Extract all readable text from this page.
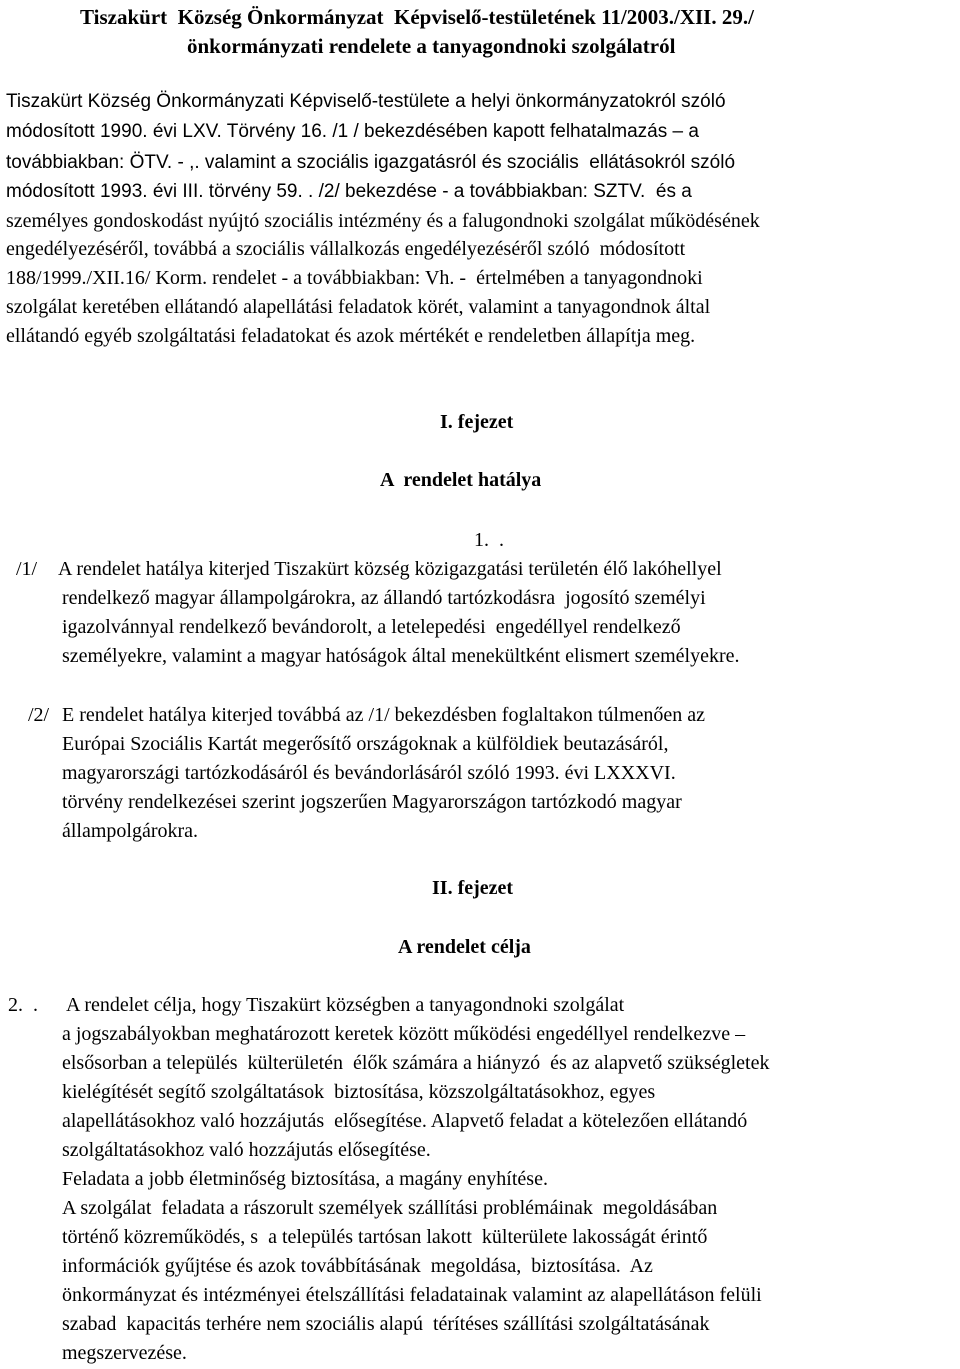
Tiszakürt  Község Önkormányzat  Képviselő-testületének 11/2003./XII. 29./
önkormányzati rendelete a tanyagondnoki szolgálatról
Tiszakürt Község Önkormányzati Képviselő-testülete a helyi önkormányzatokról szóló
módosított 1990. évi LXV. Törvény 16. /1 / bekezdésében kapott felhatalmazás – a
továbbiakban: ÖTV. - ,. valamint a szociális igazgatásról és szociális  ellátásokról szóló
módosított 1993. évi III. törvény 59. . /2/ bekezdése - a továbbiakban: SZTV.  és a
személyes gondoskodást nyújtó szociális intézmény és a falugondnoki szolgálat működésének
engedélyezéséről, továbbá a szociális vállalkozás engedélyezéséről szóló  módosított
188/1999./XII.16/ Korm. rendelet - a továbbiakban: Vh. -  értelmében a tanyagondnoki
szolgálat keretében ellátandó alapellátási feladatok körét, valamint a tanyagondnok által
ellátandó egyéb szolgáltatási feladatokat és azok mértékét e rendeletben állapítja meg.
I. fejezet
A  rendelet hatálya
1.  .
/1/ A rendelet hatálya kiterjed Tiszakürt község közigazgatási területén élő lakóhellyel
rendelkező magyar állampolgárokra, az állandó tartózkodásra  jogosító személyi
igazolvánnyal rendelkező bevándorolt, a letelepedési  engedéllyel rendelkező
személyekre, valamint a magyar hatóságok által menekültként elismert személyekre.
/2/ E rendelet hatálya kiterjed továbbá az /1/ bekezdésben foglaltakon túlmenően az
Európai Szociális Kartát megerősítő országoknak a külföldiek beutazásáról,
magyarországi tartózkodásáról és bevándorlásáról szóló 1993. évi LXXXVI.
törvény rendelkezései szerint jogszerűen Magyarországon tartózkodó magyar
állampolgárokra.
II. fejezet
A rendelet célja
2.  . A rendelet célja, hogy Tiszakürt községben a tanyagondnoki szolgálat
a jogszabályokban meghatározott keretek között működési engedéllyel rendelkezve –
elsősorban a település  külterületén  élők számára a hiányzó  és az alapvető szükségletek
kielégítését segítő szolgáltatások  biztosítása, közszolgáltatásokhoz, egyes
alapellátásokhoz való hozzájutás  elősegítése. Alapvető feladat a kötelezően ellátandó
szolgáltatásokhoz való hozzájutás elősegítése.
Feladata a jobb életminőség biztosítása, a magány enyhítése.
A szolgálat  feladata a rászorult személyek szállítási problémáinak  megoldásában
történő közreműködés, s  a település tartósan lakott  külterülete lakosságát érintő
információk gyűjtése és azok továbbításának  megoldása,  biztosítása.  Az
önkormányzat és intézményei ételszállítási feladatainak valamint az alapellátáson felüli
szabad  kapacitás terhére nem szociális alapú  térítéses szállítási szolgáltatásának
megszervezése.
